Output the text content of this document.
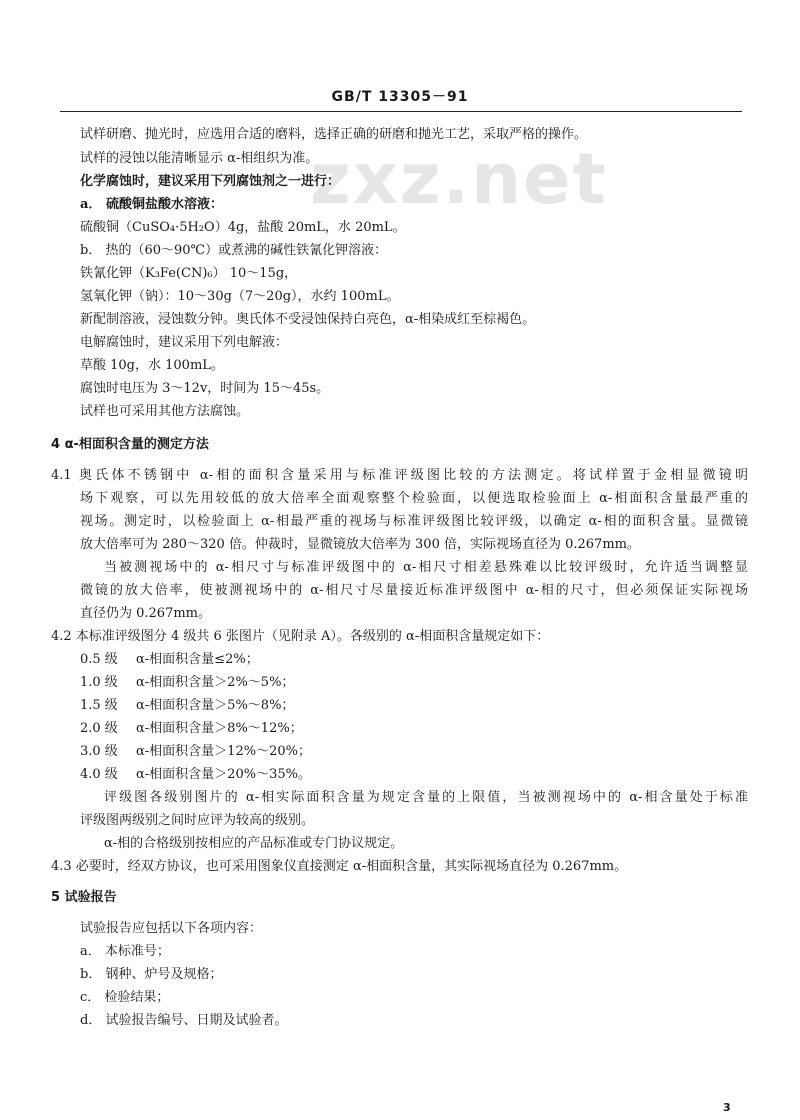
GB/T 13305－91
zxz.net
试样研磨、抛光时，应选用合适的磨料，选择正确的研磨和抛光工艺，采取严格的操作。
试样的浸蚀以能清晰显示 α-相组织为准。
化学腐蚀时，建议采用下列腐蚀剂之一进行：
a． 硫酸铜盐酸水溶液：
硫酸铜（CuSO₄·5H₂O）4g，盐酸 20mL，水 20mL。
b． 热的（60～90℃）或煮沸的碱性铁氰化钾溶液：
铁氰化钾（K₃Fe(CN)₆） 10～15g，
氢氧化钾（钠）：10～30g（7～20g），水约 100mL。
新配制溶液，浸蚀数分钟。奥氏体不受浸蚀保持白亮色，α-相染成红至棕褐色。
电解腐蚀时，建议采用下列电解液：
草酸 10g，水 100mL。
腐蚀时电压为 3～12v，时间为 15～45s。
试样也可采用其他方法腐蚀。
4 α-相面积含量的测定方法
4.1 奥氏体不锈钢中 α-相的面积含量采用与标准评级图比较的方法测定。将试样置于金相显微镜明
场下观察，可以先用较低的放大倍率全面观察整个检验面，以便选取检验面上 α-相面积含量最严重的
视场。测定时，以检验面上 α-相最严重的视场与标准评级图比较评级，以确定 α-相的面积含量。显微镜
放大倍率可为 280～320 倍。仲裁时，显微镜放大倍率为 300 倍，实际视场直径为 0.267mm。
当被测视场中的 α-相尺寸与标准评级图中的 α-相尺寸相差悬殊难以比较评级时，允许适当调整显
微镜的放大倍率，使被测视场中的 α-相尺寸尽量接近标准评级图中 α-相的尺寸，但必须保证实际视场
直径仍为 0.267mm。
4.2 本标准评级图分 4 级共 6 张图片（见附录 A）。各级别的 α-相面积含量规定如下：
0.5 级 α-相面积含量≤2%；
1.0 级 α-相面积含量＞2%～5%；
1.5 级 α-相面积含量＞5%～8%；
2.0 级 α-相面积含量＞8%～12%；
3.0 级 α-相面积含量＞12%～20%；
4.0 级 α-相面积含量＞20%～35%。
评级图各级别图片的 α-相实际面积含量为规定含量的上限值，当被测视场中的 α-相含量处于标准
评级图两级别之间时应评为较高的级别。
α-相的合格级别按相应的产品标准或专门协议规定。
4.3 必要时，经双方协议，也可采用图象仪直接测定 α-相面积含量，其实际视场直径为 0.267mm。
5 试验报告
试验报告应包括以下各项内容：
a． 本标准号；
b． 钢种、炉号及规格；
c． 检验结果；
d． 试验报告编号、日期及试验者。
3
